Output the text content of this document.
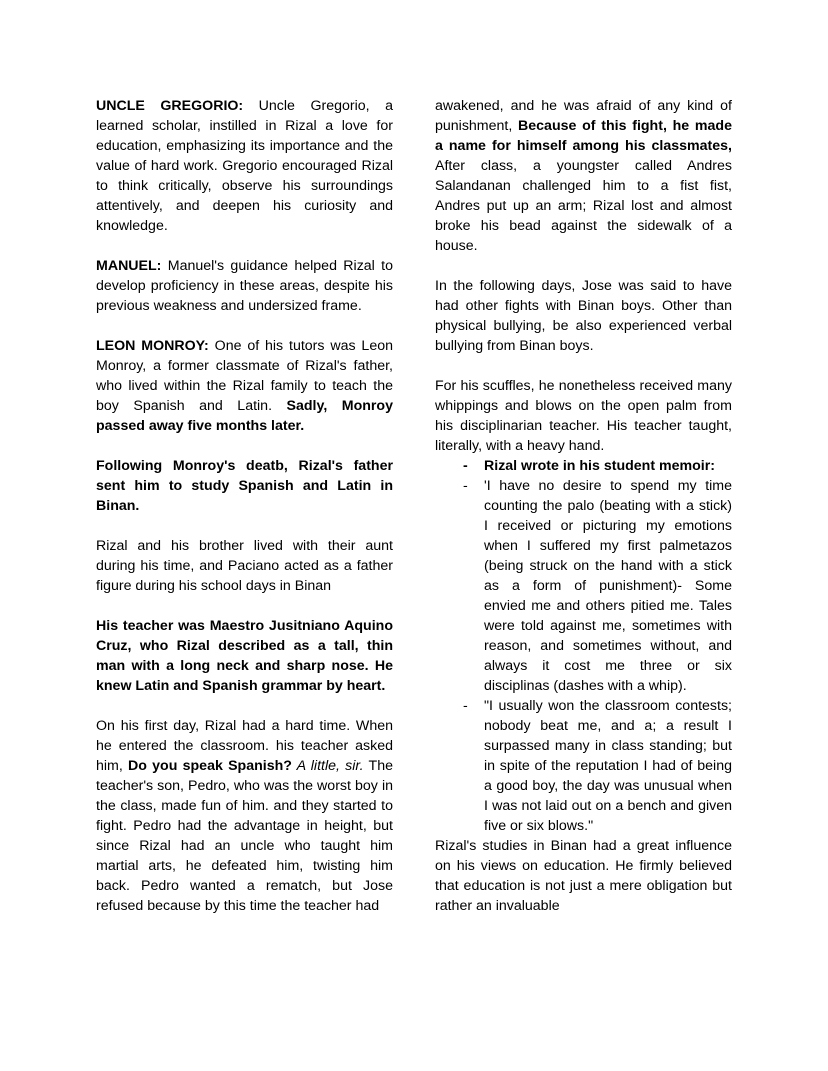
UNCLE GREGORIO: Uncle Gregorio, a learned scholar, instilled in Rizal a love for education, emphasizing its importance and the value of hard work. Gregorio encouraged Rizal to think critically, observe his surroundings attentively, and deepen his curiosity and knowledge.

MANUEL: Manuel's guidance helped Rizal to develop proficiency in these areas, despite his previous weakness and undersized frame.

LEON MONROY: One of his tutors was Leon Monroy, a former classmate of Rizal's father, who lived within the Rizal family to teach the boy Spanish and Latin. Sadly, Monroy passed away five months later.

Following Monroy's deatb, Rizal's father sent him to study Spanish and Latin in Binan.

Rizal and his brother lived with their aunt during his time, and Paciano acted as a father figure during his school days in Binan

His teacher was Maestro Jusitniano Aquino Cruz, who Rizal described as a tall, thin man with a long neck and sharp nose. He knew Latin and Spanish grammar by heart.

On his first day, Rizal had a hard time. When he entered the classroom. his teacher asked him, Do you speak Spanish? A little, sir. The teacher's son, Pedro, who was the worst boy in the class, made fun of him. and they started to fight. Pedro had the advantage in height, but since Rizal had an uncle who taught him martial arts, he defeated him, twisting him back. Pedro wanted a rematch, but Jose refused because by this time the teacher had

awakened, and he was afraid of any kind of punishment, Because of this fight, he made a name for himself among his classmates, After class, a youngster called Andres Salandanan challenged him to a fist fist, Andres put up an arm; Rizal lost and almost broke his bead against the sidewalk of a house.

In the following days, Jose was said to have had other fights with Binan boys. Other than physical bullying, be also experienced verbal bullying from Binan boys.

For his scuffles, he nonetheless received many whippings and blows on the open palm from his disciplinarian teacher. His teacher taught, literally, with a heavy hand.

- Rizal wrote in his student memoir:
- 'I have no desire to spend my time counting the palo (beating with a stick) I received or picturing my emotions when I suffered my first palmetazos (being struck on the hand with a stick as a form of punishment)- Some envied me and others pitied me. Tales were told against me, sometimes with reason, and sometimes without, and always it cost me three or six disciplinas (dashes with a whip).
- "I usually won the classroom contests; nobody beat me, and a; a result I surpassed many in class standing; but in spite of the reputation I had of being a good boy, the day was unusual when I was not laid out on a bench and given five or six blows."

Rizal's studies in Binan had a great influence on his views on education. He firmly believed that education is not just a mere obligation but rather an invaluable
